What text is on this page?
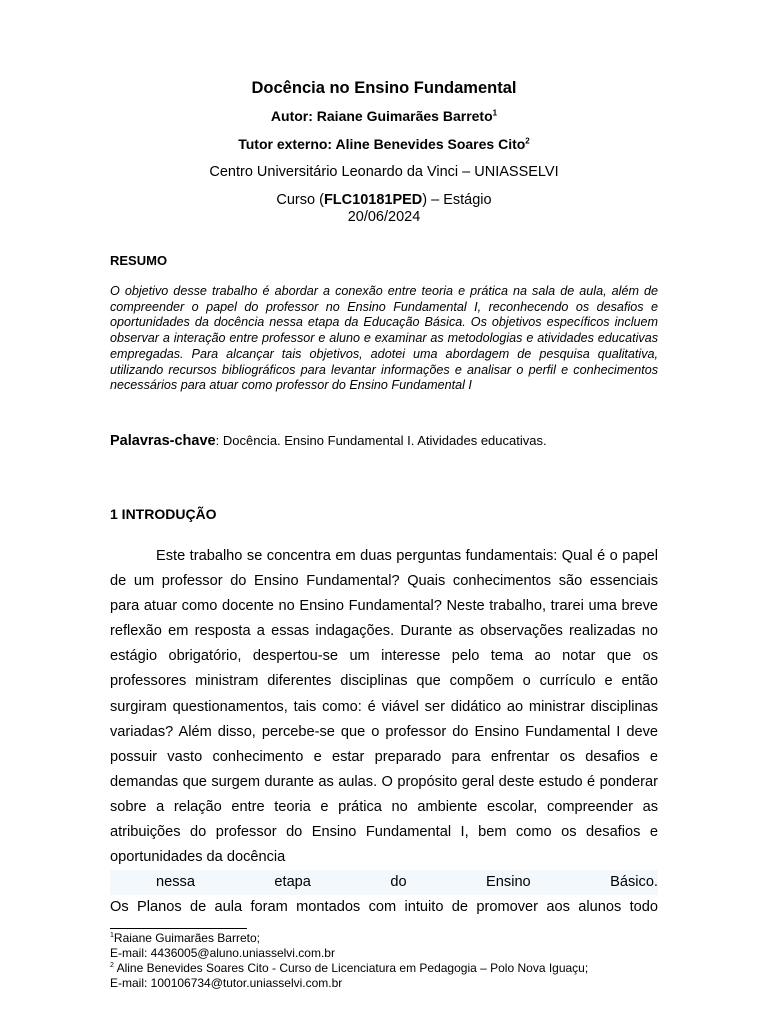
Docência no Ensino Fundamental
Autor: Raiane Guimarães Barreto$^1$
Tutor externo: Aline Benevides Soares Cito$^2$
Centro Universitário Leonardo da Vinci – UNIASSELVI
Curso (FLC10181PED) – Estágio
20/06/2024
RESUMO
O objetivo desse trabalho é abordar a conexão entre teoria e prática na sala de aula, além de compreender o papel do professor no Ensino Fundamental I, reconhecendo os desafios e oportunidades da docência nessa etapa da Educação Básica. Os objetivos específicos incluem observar a interação entre professor e aluno e examinar as metodologias e atividades educativas empregadas. Para alcançar tais objetivos, adotei uma abordagem de pesquisa qualitativa, utilizando recursos bibliográficos para levantar informações e analisar o perfil e conhecimentos necessários para atuar como professor do Ensino Fundamental I
Palavras-chave: Docência. Ensino Fundamental I. Atividades educativas.
1 INTRODUÇÃO

Este trabalho se concentra em duas perguntas fundamentais: Qual é o papel de um professor do Ensino Fundamental? Quais conhecimentos são essenciais para atuar como docente no Ensino Fundamental? Neste trabalho, trarei uma breve reflexão em resposta a essas indagações. Durante as observações realizadas no estágio obrigatório, despertou-se um interesse pelo tema ao notar que os professores ministram diferentes disciplinas que compõem o currículo e então surgiram questionamentos, tais como: é viável ser didático ao ministrar disciplinas variadas? Além disso, percebe-se que o professor do Ensino Fundamental I deve possuir vasto conhecimento e estar preparado para enfrentar os desafios e demandas que surgem durante as aulas. O propósito geral deste estudo é ponderar sobre a relação entre teoria e prática no ambiente escolar, compreender as atribuições do professor do Ensino Fundamental I, bem como os desafios e oportunidades da docência
nessa etapa do Ensino Básico.

Os Planos de aula foram montados com intuito de promover aos alunos todo

$^1$Raiane Guimarães Barreto;
E-mail: 4436005@aluno.uniasselvi.com.br
$^2$ Aline Benevides Soares Cito - Curso de Licenciatura em Pedagogia – Polo Nova Iguaçu;
E-mail: 100106734@tutor.uniasselvi.com.br
